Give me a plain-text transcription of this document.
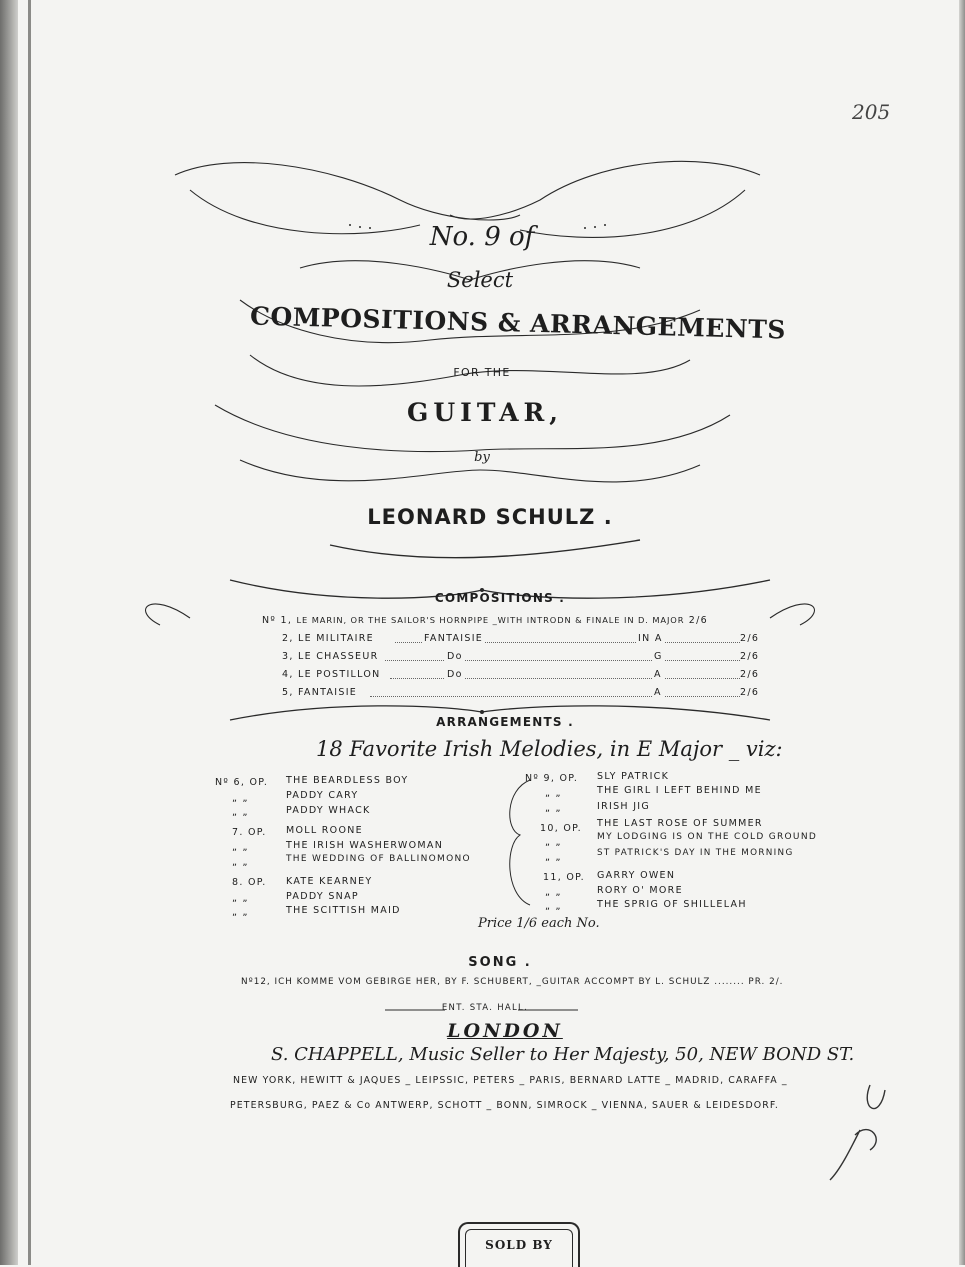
205
No. 9 of
Select
COMPOSITIONS & ARRANGEMENTS
FOR THE
GUITAR,
by
LEONARD SCHULZ .
COMPOSITIONS .
Nº 1, LE MARIN, OR THE SAILOR'S HORNPIPE _WITH INTRODN & FINALE IN D. MAJOR 2/6
2, LE MILITAIRE	FANTAISIE	IN A	2/6
3, LE CHASSEUR	Do	G	2/6
4, LE POSTILLON	Do	A	2/6
5, FANTAISIE	A	2/6
ARRANGEMENTS .
18 Favorite Irish Melodies, in E Major _ viz:
Nº 6, OP. THE BEARDLESS BOY
„ „	PADDY CARY
„ „	PADDY WHACK
7. OP. MOLL ROONE
„ „	THE IRISH WASHERWOMAN
„ „	THE WEDDING OF BALLINOMONO
8. OP. KATE KEARNEY
„ „	PADDY SNAP
„ „	THE SCITTISH MAID
Nº 9, OP. SLY PATRICK
„ „	THE GIRL I LEFT BEHIND ME
„ „	IRISH JIG
10, OP. THE LAST ROSE OF SUMMER
„ „	MY LODGING IS ON THE COLD GROUND
„ „	ST PATRICK'S DAY IN THE MORNING
11, OP. GARRY OWEN
„ „	RORY O' MORE
„ „	THE SPRIG OF SHILLELAH
Price 1/6 each No.
SONG .
Nº12, ICH KOMME VOM GEBIRGE HER, BY F. SCHUBERT, _GUITAR ACCOMPT BY L. SCHULZ ........ PR. 2/.
ENT. STA. HALL.
LONDON
S. CHAPPELL, Music Seller to Her Majesty, 50, NEW BOND ST.
NEW YORK, HEWITT & JAQUES _ LEIPSSIC, PETERS _ PARIS, BERNARD LATTE _ MADRID, CARAFFA _
PETERSBURG, PAEZ & Co ANTWERP, SCHOTT _ BONN, SIMROCK _ VIENNA, SAUER & LEIDESDORF.
SOLD BY
